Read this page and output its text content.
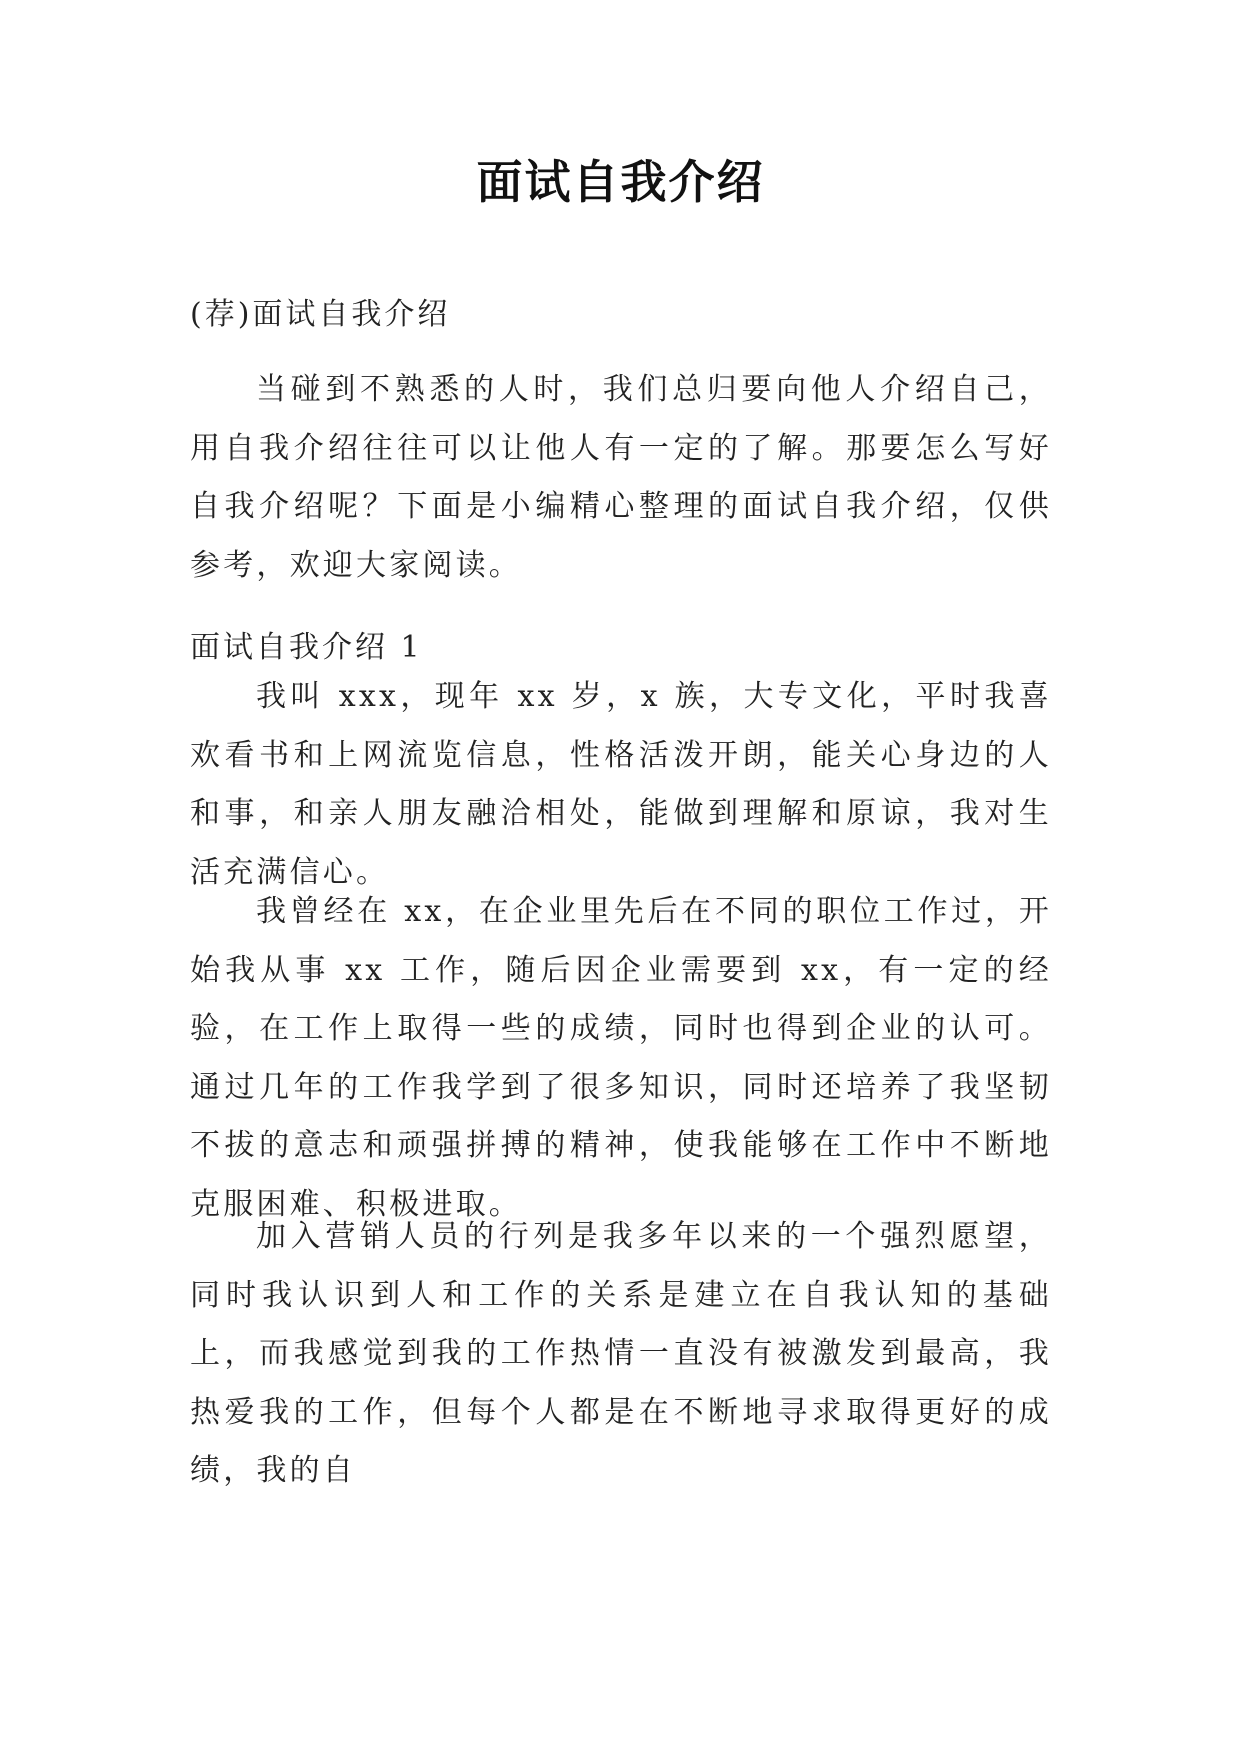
面试自我介绍

(荐)面试自我介绍

当碰到不熟悉的人时，我们总归要向他人介绍自己，用自我介绍往往可以让他人有一定的了解。那要怎么写好自我介绍呢？下面是小编精心整理的面试自我介绍，仅供参考，欢迎大家阅读。

面试自我介绍 1

我叫 xxx，现年 xx 岁，x 族，大专文化，平时我喜欢看书和上网流览信息，性格活泼开朗，能关心身边的人和事，和亲人朋友融洽相处，能做到理解和原谅，我对生活充满信心。

我曾经在 xx，在企业里先后在不同的职位工作过，开始我从事 xx 工作，随后因企业需要到 xx，有一定的经验，在工作上取得一些的成绩，同时也得到企业的认可。通过几年的工作我学到了很多知识，同时还培养了我坚韧不拔的意志和顽强拼搏的精神，使我能够在工作中不断地克服困难、积极进取。

加入营销人员的行列是我多年以来的一个强烈愿望，同时我认识到人和工作的关系是建立在自我认知的基础上，而我感觉到我的工作热情一直没有被激发到最高，我热爱我的工作，但每个人都是在不断地寻求取得更好的成绩，我的自
